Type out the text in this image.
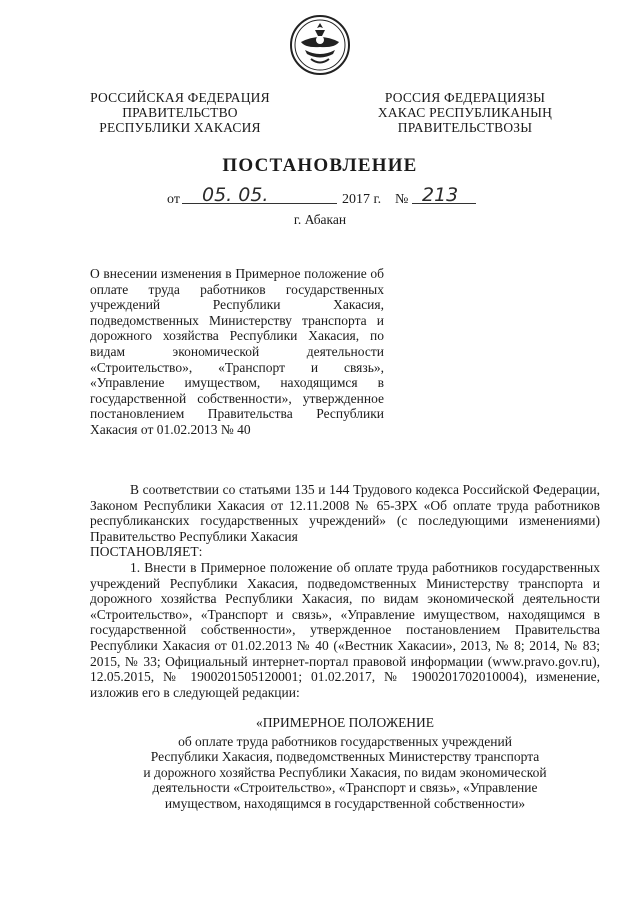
РОССИЙСКАЯ ФЕДЕРАЦИЯ
ПРАВИТЕЛЬСТВО
РЕСПУБЛИКИ ХАКАСИЯ
РОССИЯ ФЕДЕРАЦИЯЗЫ
ХАКАС РЕСПУБЛИКАНЫҢ
ПРАВИТЕЛЬСТВОЗЫ
ПОСТАНОВЛЕНИЕ
от	05. 05.	2017 г. № 213
г. Абакан
О внесении изменения в Примерное положение об оплате труда работников государственных учреждений Республики Хакасия, подведомственных Министерству транспорта и дорожного хозяйства Республики Хакасия, по видам экономической деятельности «Строительство», «Транспорт и связь», «Управление имуществом, находящимся в государственной собственности», утвержденное постановлением Правительства Республики Хакасия от 01.02.2013 № 40

В соответствии со статьями 135 и 144 Трудового кодекса Российской Федерации, Законом Республики Хакасия от 12.11.2008 № 65-ЗРХ «Об оплате труда работников республиканских государственных учреждений» (с последующими изменениями) Правительство Республики Хакасия

ПОСТАНОВЛЯЕТ:

1. Внести в Примерное положение об оплате труда работников государственных учреждений Республики Хакасия, подведомственных Министерству транспорта и дорожного хозяйства Республики Хакасия, по видам экономической деятельности «Строительство», «Транспорт и связь», «Управление имуществом, находящимся в государственной собственности», утвержденное постановлением Правительства Республики Хакасия от 01.02.2013 № 40 («Вестник Хакасии», 2013, № 8; 2014, № 83; 2015, № 33; Официальный интернет-портал правовой информации (www.pravo.gov.ru), 12.05.2015, № 1900201505120001; 01.02.2017, № 1900201702010004), изменение, изложив его в следующей редакции:

«ПРИМЕРНОЕ ПОЛОЖЕНИЕ
об оплате труда работников государственных учреждений
Республики Хакасия, подведомственных Министерству транспорта
и дорожного хозяйства Республики Хакасия, по видам экономической
деятельности «Строительство», «Транспорт и связь», «Управление
имуществом, находящимся в государственной собственности»
